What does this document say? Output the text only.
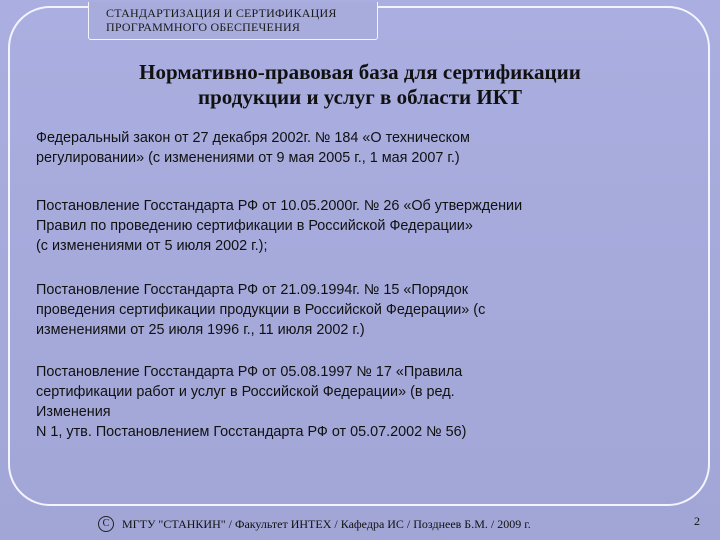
СТАНДАРТИЗАЦИЯ И СЕРТИФИКАЦИЯ
ПРОГРАММНОГО ОБЕСПЕЧЕНИЯ
Нормативно-правовая база для сертификации
продукции и услуг в области ИКТ
Федеральный закон от 27 декабря 2002г. № 184 «О техническом
регулировании» (с изменениями от 9 мая 2005 г., 1 мая 2007 г.)
Постановление Госстандарта РФ от 10.05.2000г. № 26 «Об утверждении
Правил по проведению сертификации в Российской Федерации»
(с изменениями от 5 июля 2002 г.);
Постановление Госстандарта РФ от 21.09.1994г. № 15 «Порядок
проведения сертификации продукции в Российской Федерации» (с
изменениями от 25 июля 1996 г., 11 июля 2002 г.)
Постановление Госстандарта РФ от 05.08.1997 № 17 «Правила
сертификации работ и услуг в Российской Федерации» (в ред.
Изменения
N 1, утв. Постановлением Госстандарта РФ от 05.07.2002 № 56)
С	МГТУ "СТАНКИН" / Факультет ИНТЕХ / Кафедра ИС / Позднеев Б.М. / 2009 г.	2
